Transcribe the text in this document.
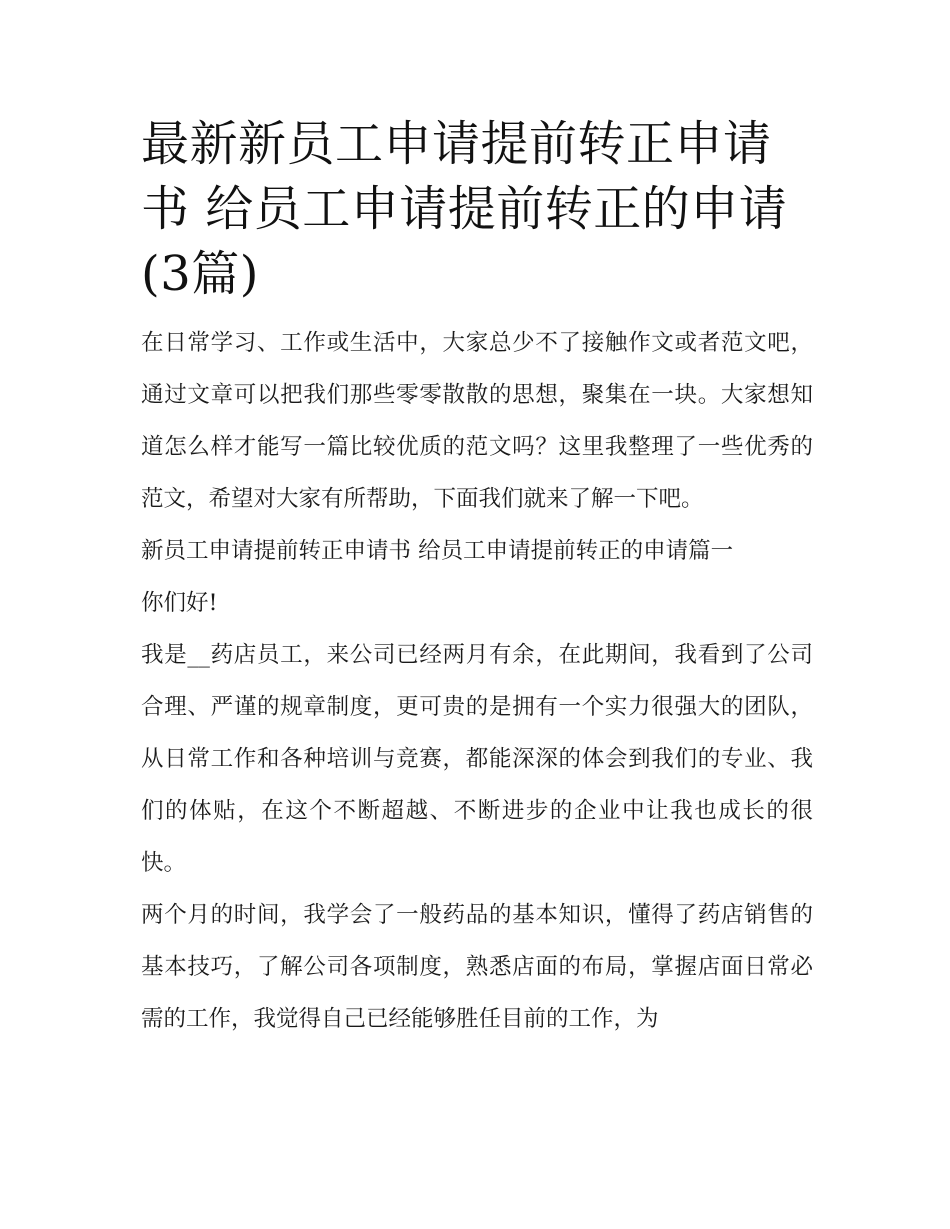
最新新员工申请提前转正申请书 给员工申请提前转正的申请(3篇)

在日常学习、工作或生活中，大家总少不了接触作文或者范文吧，通过文章可以把我们那些零零散散的思想，聚集在一块。大家想知道怎么样才能写一篇比较优质的范文吗？这里我整理了一些优秀的范文，希望对大家有所帮助，下面我们就来了解一下吧。

新员工申请提前转正申请书 给员工申请提前转正的申请篇一

你们好!

我是__药店员工，来公司已经两月有余，在此期间，我看到了公司合理、严谨的规章制度，更可贵的是拥有一个实力很强大的团队，从日常工作和各种培训与竞赛，都能深深的体会到我们的专业、我们的体贴，在这个不断超越、不断进步的企业中让我也成长的很快。

两个月的时间，我学会了一般药品的基本知识，懂得了药店销售的基本技巧，了解公司各项制度，熟悉店面的布局，掌握店面日常必需的工作，我觉得自己已经能够胜任目前的工作，为
